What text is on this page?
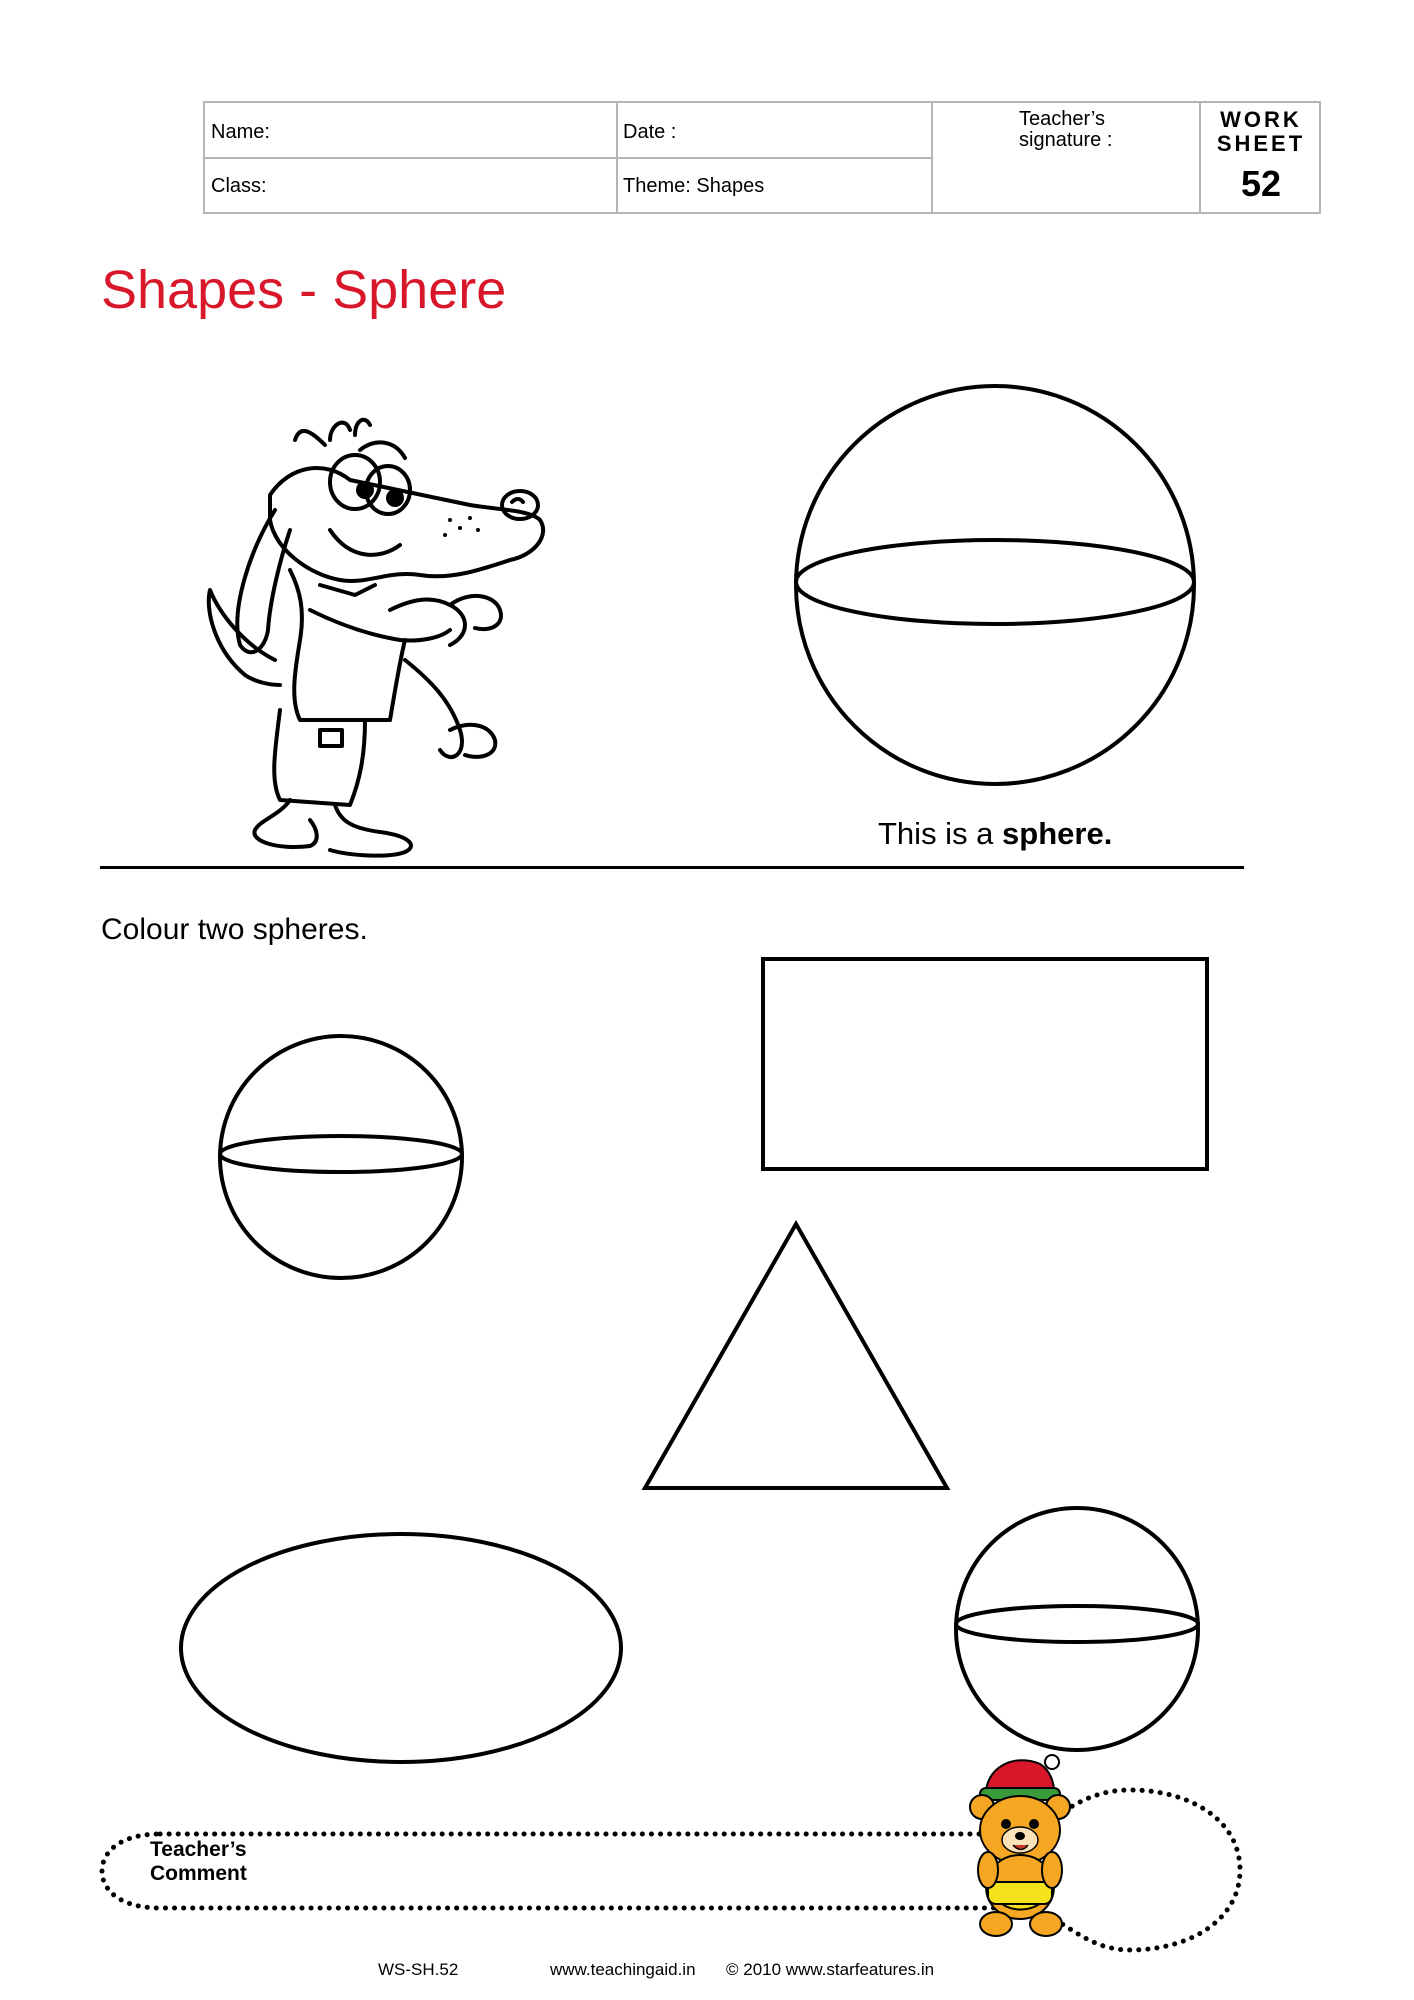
Name:	Date :
Class:	Theme: Shapes
Teacher’s
signature :
WORK
SHEET
52
Shapes - Sphere
This is a sphere.
Colour two spheres.
Teacher’s
Comment
WS-SH.52	www.teachingaid.in © 2010 www.starfeatures.in
